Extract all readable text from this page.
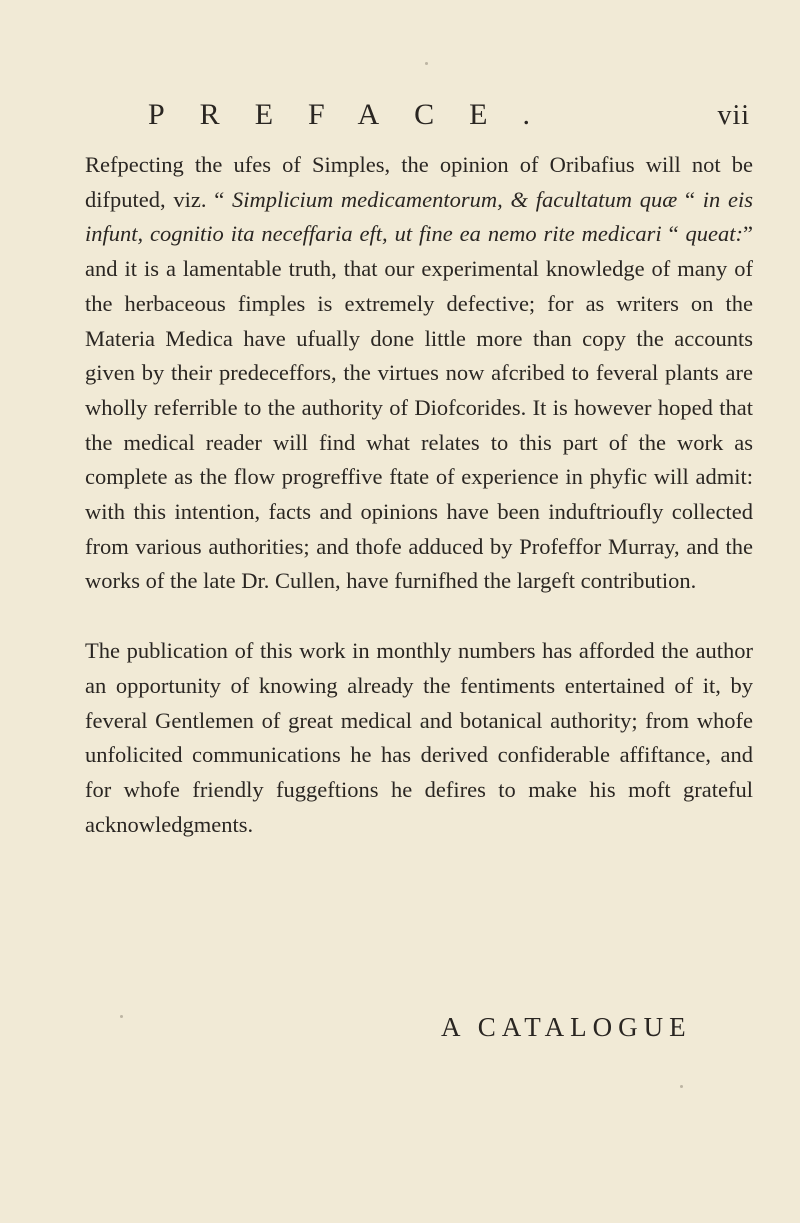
PREFACE.	vii

Refpecting the ufes of Simples, the opinion of Oribafius will not be difputed, viz. “ Simplicium medicamentorum, & facultatum quæ “ in eis infunt, cognitio ita neceffaria eft, ut fine ea nemo rite medicari “ queat:” and it is a lamentable truth, that our experimental knowledge of many of the herbaceous fimples is extremely defective; for as writers on the Materia Medica have ufually done little more than copy the accounts given by their predeceffors, the virtues now afcribed to feveral plants are wholly referrible to the authority of Diofcorides. It is however hoped that the medical reader will find what relates to this part of the work as complete as the flow progreffive ftate of experience in phyfic will admit: with this intention, facts and opinions have been induftrioufly collected from various authorities; and thofe adduced by Profeffor Murray, and the works of the late Dr. Cullen, have furnifhed the largeft contribution.

The publication of this work in monthly numbers has afforded the author an opportunity of knowing already the fentiments entertained of it, by feveral Gentlemen of great medical and botanical authority; from whofe unfolicited communications he has derived confiderable affiftance, and for whofe friendly fuggeftions he defires to make his moft grateful acknowledgments.

A CATALOGUE
